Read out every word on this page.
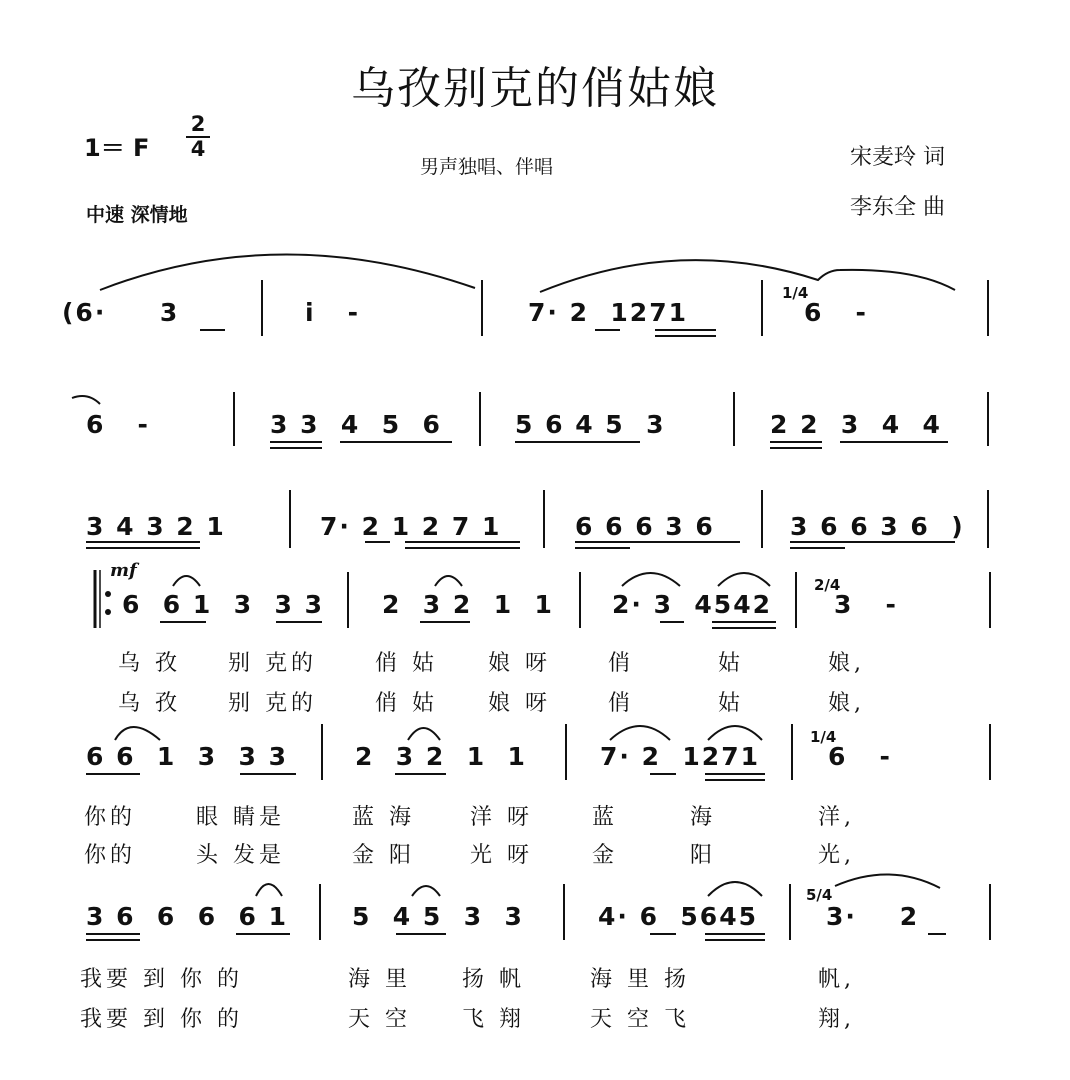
乌孜别克的俏姑娘
1＝ F
2
4
男声独唱、伴唱	宋麦玲 词
李东全 曲
中速 深情地
mf
(6·     3	i   -	7· 2  1271
1/4
6   -
6   -	3 3  4  5  6	5 6 4 5  3	2 2  3  4  4
3 4 3 2 1	7· 2 1 2 7 1	6 6 6 3 6	3 6 6 3 6  )
6  6 1  3  3 3 2  3 2  1  1 2· 3  4542
2/4
3   -
乌 孜 别 克的	俏 姑 娘 呀	俏	姑	娘,
乌 孜 别 克的	俏 姑 娘 呀	俏	姑	娘,
6 6  1  3  3 3	2  3 2  1  1	7· 2  1271
1/4
6   -
你的	眼 睛是	蓝 海	洋 呀	蓝	海	洋,
你的	头 发是	金 阳	光 呀	金	阳	光,
3 6  6  6  6 1	5  4 5  3  3	4· 6  5645
5/4
3·    2
我要 到 你 的	海 里 扬 帆	海 里 扬	帆,
我要 到 你 的	天 空 飞 翔	天 空 飞	翔,
